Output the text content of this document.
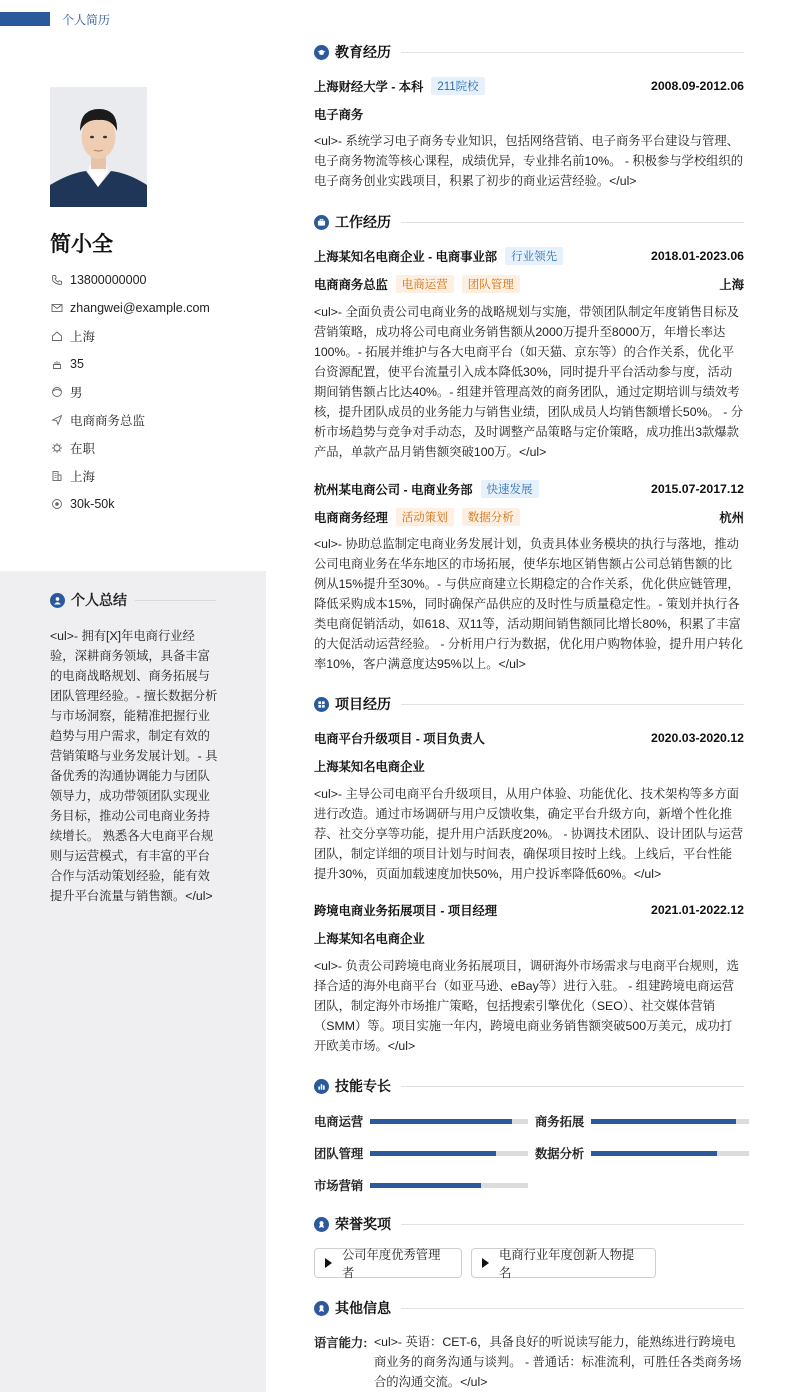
个人简历
简小全
13800000000
zhangwei@example.com
上海
35
男
电商商务总监
在职
上海
30k-50k
个人总结
<ul>- 拥有[X]年电商行业经验，深耕商务领域，具备丰富的电商战略规划、商务拓展与团队管理经验。- 擅长数据分析与市场洞察，能精准把握行业趋势与用户需求，制定有效的营销策略与业务发展计划。- 具备优秀的沟通协调能力与团队领导力，成功带领团队实现业务目标，推动公司电商业务持续增长。 熟悉各大电商平台规则与运营模式，有丰富的平台合作与活动策划经验，能有效提升平台流量与销售额。</ul>
教育经历
上海财经大学 - 本科	211院校	2008.09-2012.06
电子商务
<ul>- 系统学习电子商务专业知识，包括网络营销、电子商务平台建设与管理、电子商务物流等核心课程，成绩优异，专业排名前10%。 - 积极参与学校组织的电子商务创业实践项目，积累了初步的商业运营经验。</ul>
工作经历
上海某知名电商企业 - 电商事业部	行业领先	2018.01-2023.06
电商商务总监	电商运营	团队管理	上海
<ul>- 全面负责公司电商业务的战略规划与实施，带领团队制定年度销售目标及营销策略，成功将公司电商业务销售额从2000万提升至8000万，年增长率达100%。- 拓展并维护与各大电商平台（如天猫、京东等）的合作关系，优化平台资源配置，使平台流量引入成本降低30%，同时提升平台活动参与度，活动期间销售额占比达40%。- 组建并管理高效的商务团队，通过定期培训与绩效考核，提升团队成员的业务能力与销售业绩，团队成员人均销售额增长50%。 - 分析市场趋势与竞争对手动态，及时调整产品策略与定价策略，成功推出3款爆款产品，单款产品月销售额突破100万。</ul>
杭州某电商公司 - 电商业务部	快速发展	2015.07-2017.12
电商商务经理	活动策划	数据分析	杭州
<ul>- 协助总监制定电商业务发展计划，负责具体业务模块的执行与落地，推动公司电商业务在华东地区的市场拓展，使华东地区销售额占公司总销售额的比例从15%提升至30%。- 与供应商建立长期稳定的合作关系，优化供应链管理，降低采购成本15%，同时确保产品供应的及时性与质量稳定性。- 策划并执行各类电商促销活动，如618、双11等，活动期间销售额同比增长80%，积累了丰富的大促活动运营经验。 - 分析用户行为数据，优化用户购物体验，提升用户转化率10%，客户满意度达95%以上。</ul>
项目经历
电商平台升级项目 - 项目负责人	2020.03-2020.12
上海某知名电商企业
<ul>- 主导公司电商平台升级项目，从用户体验、功能优化、技术架构等多方面进行改造。通过市场调研与用户反馈收集，确定平台升级方向，新增个性化推荐、社交分享等功能，提升用户活跃度20%。 - 协调技术团队、设计团队与运营团队，制定详细的项目计划与时间表，确保项目按时上线。上线后，平台性能提升30%，页面加载速度加快50%，用户投诉率降低60%。</ul>
跨境电商业务拓展项目 - 项目经理	2021.01-2022.12
上海某知名电商企业
<ul>- 负责公司跨境电商业务拓展项目，调研海外市场需求与电商平台规则，选择合适的海外电商平台（如亚马逊、eBay等）进行入驻。 - 组建跨境电商运营团队，制定海外市场推广策略，包括搜索引擎优化（SEO）、社交媒体营销（SMM）等。项目实施一年内，跨境电商业务销售额突破500万美元，成功打开欧美市场。</ul>
技能专长
电商运营	商务拓展
团队管理	数据分析
市场营销
荣誉奖项
公司年度优秀管理者
电商行业年度创新人物提名
其他信息
语言能力: <ul>- 英语：CET-6，具备良好的听说读写能力，能熟练进行跨境电商业务的商务沟通与谈判。 - 普通话：标准流利，可胜任各类商务场合的沟通交流。</ul>
